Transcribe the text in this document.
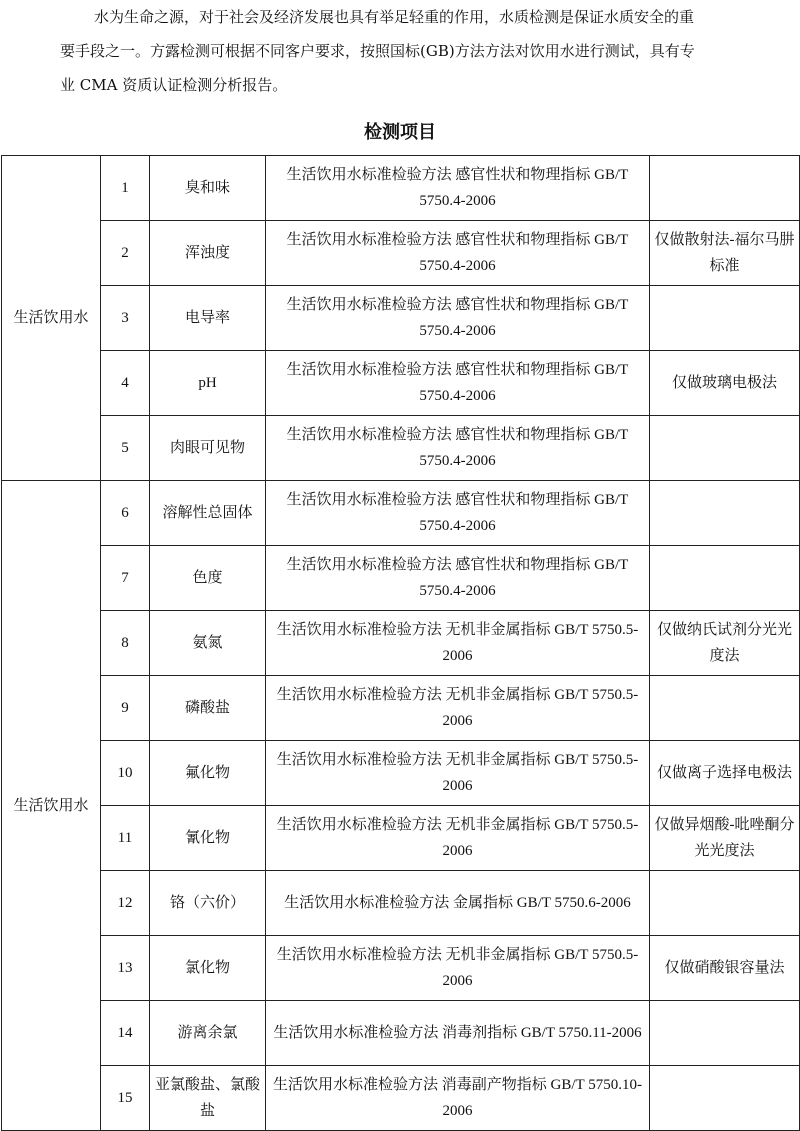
水为生命之源，对于社会及经济发展也具有举足轻重的作用，水质检测是保证水质安全的重

要手段之一。方露检测可根据不同客户要求，按照国标(GB)方法方法对饮用水进行测试，具有专

业 CMA 资质认证检测分析报告。

检测项目
生活饮用水	1	臭和味	生活饮用水标准检验方法 感官性状和物理指标 GB/T 5750.4-2006	
	2	浑浊度	生活饮用水标准检验方法 感官性状和物理指标 GB/T 5750.4-2006	仅做散射法-福尔马肼标准
	3	电导率	生活饮用水标准检验方法 感官性状和物理指标 GB/T 5750.4-2006	
	4	pH	生活饮用水标准检验方法 感官性状和物理指标 GB/T 5750.4-2006	仅做玻璃电极法
	5	肉眼可见物	生活饮用水标准检验方法 感官性状和物理指标 GB/T 5750.4-2006	
生活饮用水	6	溶解性总固体	生活饮用水标准检验方法 感官性状和物理指标 GB/T 5750.4-2006	
	7	色度	生活饮用水标准检验方法 感官性状和物理指标 GB/T 5750.4-2006	
	8	氨氮	生活饮用水标准检验方法 无机非金属指标 GB/T 5750.5-2006	仅做纳氏试剂分光光度法
	9	磷酸盐	生活饮用水标准检验方法 无机非金属指标 GB/T 5750.5-2006	
	10	氟化物	生活饮用水标准检验方法 无机非金属指标 GB/T 5750.5-2006	仅做离子选择电极法
	11	氰化物	生活饮用水标准检验方法 无机非金属指标 GB/T 5750.5-2006	仅做异烟酸-吡唑酮分光光度法
	12	铬（六价）	生活饮用水标准检验方法 金属指标 GB/T 5750.6-2006	
	13	氯化物	生活饮用水标准检验方法 无机非金属指标 GB/T 5750.5-2006	仅做硝酸银容量法
	14	游离余氯	生活饮用水标准检验方法 消毒剂指标 GB/T 5750.11-2006	
	15	亚氯酸盐、氯酸盐	生活饮用水标准检验方法 消毒副产物指标 GB/T 5750.10-2006	
